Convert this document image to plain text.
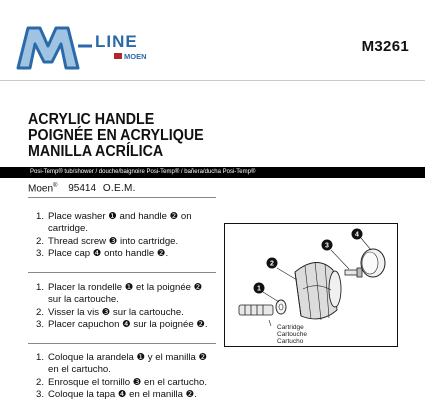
LINE
MOEN
M3261
ACRYLIC HANDLE
POIGNÉE EN ACRYLIQUE
MANILLA ACRÍLICA
Posi-Temp® tub/shower / douche/baignoire Posi-Temp® / bañera/ducha Posi-Temp®
Moen® 95414 O.E.M.
1. Place washer ❶ and handle ❷ on cartridge.
2. Thread screw ❸ into cartridge.
3. Place cap ❹ onto handle ❷.
1. Placer la rondelle ❶ et la poignée ❷ sur la cartouche.
2. Visser la vis ❸ sur la cartouche.
3. Placer capuchon ❹ sur la poignée ❷.
1. Coloque la arandela ❶ y el manilla ❷ en el cartucho.
2. Enrosque el tornillo ❸ en el cartucho.
3. Coloque la tapa ❹ en el manilla ❷.
1
2
3
4
Cartridge
Cartouche
Cartucho
